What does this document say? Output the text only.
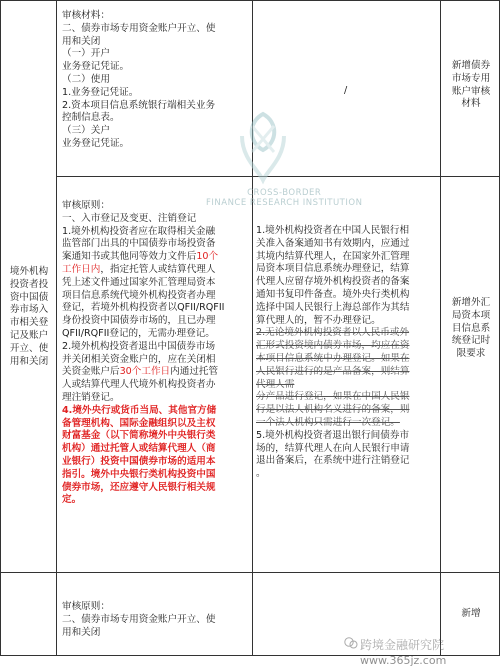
CROSS-BORDER
FINANCE RESEARCH INSTITUTION
审核材料：
二、债券市场专用资金账户开立、使
用和关闭
（一）开户
业务登记凭证。
（二）使用
1.业务登记凭证。
2.资本项目信息系统银行端相关业务
控制信息表。
（三）关户
业务登记凭证。
/
新增债券
市场专用
账户审核
材料
境外机构
投资者投
资中国债
券市场入
市相关登
记及账户
开立、使
用和关闭
审核原则：
一、入市登记及变更、注销登记
1.境外机构投资者应在取得相关金融
监管部门出具的中国债券市场投资备
案通知书或其他同等效力文件后10个
工作日内，指定托管人或结算代理人
凭上述文件通过国家外汇管理局资本
项目信息系统代境外机构投资者办理
登记，若境外机构投资者以QFII/RQFII
身份投资中国债券市场的，且已办理
QFII/RQFII登记的，无需办理登记。
2.境外机构投资者退出中国债券市场
并关闭相关资金账户的，应在关闭相
关资金账户后30个工作日内通过托管
人或结算代理人代境外机构投资者办
理注销登记。
4.境外央行或货币当局、其他官方储
备管理机构、国际金融组织以及主权
财富基金（以下简称境外中央银行类
机构）通过托管人或结算代理人（商
业银行）投资中国债券市场的适用本
指引。境外中央银行类机构投资中国
债券市场，还应遵守人民银行相关规
定。
1.境外机构投资者在中国人民银行相
关准入备案通知书有效期内，应通过
其境内结算代理人，在国家外汇管理
局资本项目信息系统办理登记，结算
代理人应留存境外机构投资者的备案
通知书复印件备查。境外央行类机构
选择中国人民银行上海总部作为其结
算代理人的，暂不办理登记。
2.无论境外机构投资者以人民币或外
汇形式投资境内债券市场，均应在资
本项目信息系统中办理登记。如果在
人民银行进行的是产品备案，则结算
代理人需
分产品进行登记，如果在中国人民银
行是以法人机构名义进行的备案，则
一个法人机构只需进行一次登记。
5.境外机构投资者退出银行间债券市
场的，结算代理人在向人民银行申请
退出备案后，在系统中进行注销登记
。
新增外汇
局资本项
目信息系
统登记时
限要求
审核原则：
二、债券市场专用资金账户开立、使
用和关闭
新增
跨境金融研究院www.365jz.com
